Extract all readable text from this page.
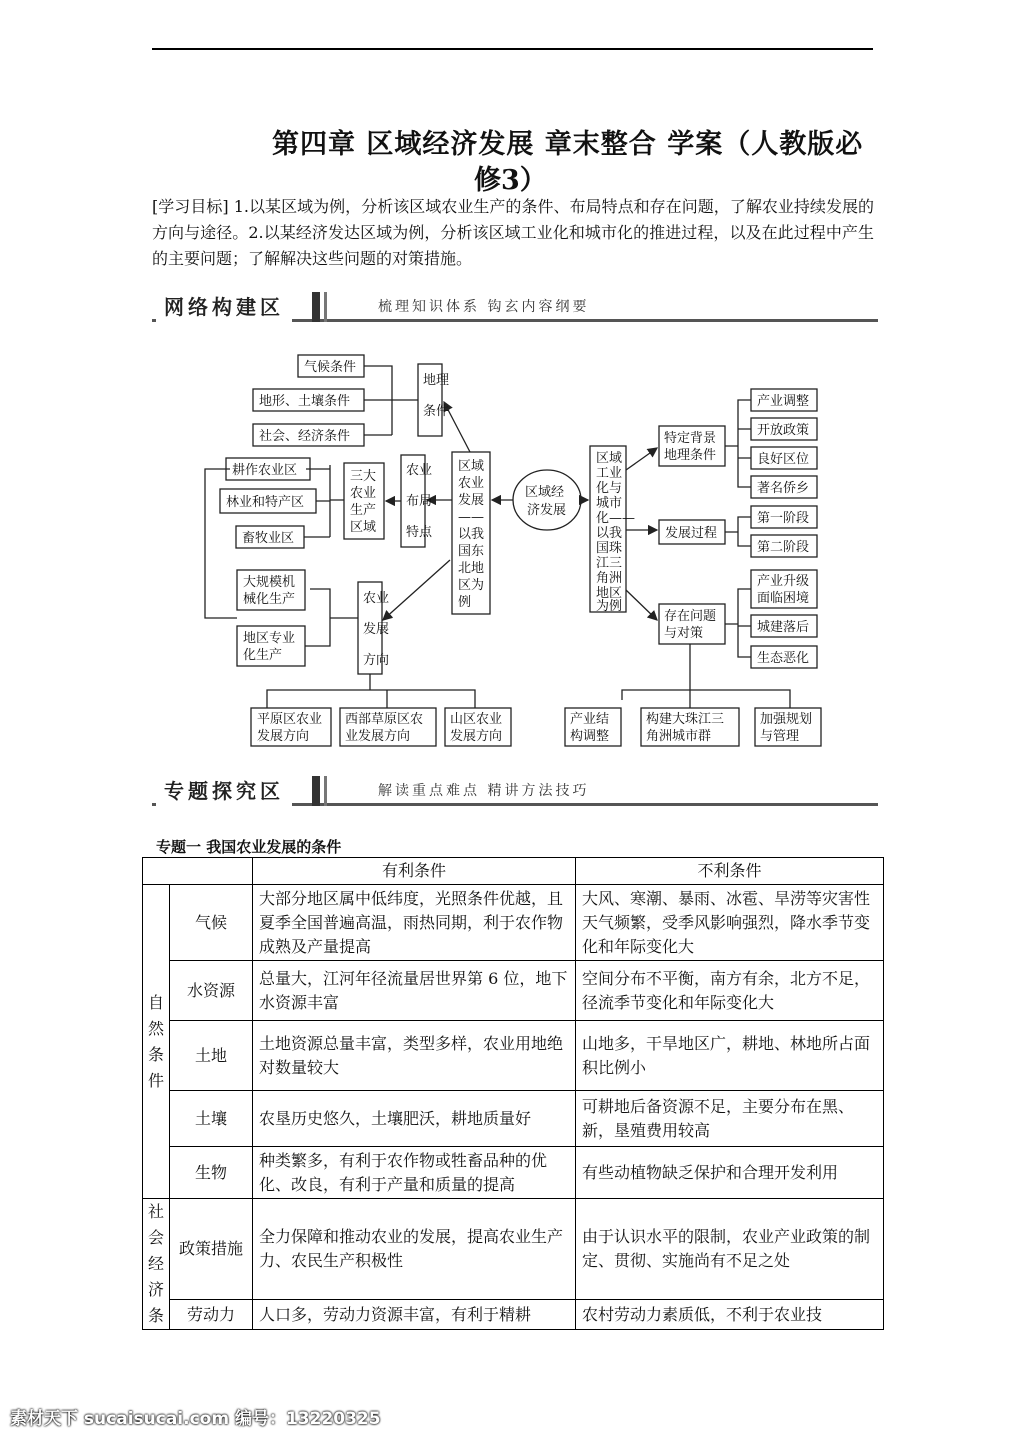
第四章 区域经济发展 章末整合 学案（人教版必
修3）
[学习目标] 1.以某区域为例，分析该区域农业生产的条件、布局特点和存在问题，了解农业持续发展的方向与途径。2.以某经济发达区域为例，分析该区域工业化和城市化的推进过程，以及在此过程中产生的主要问题；了解解决这些问题的对策措施。
网络构建区	梳理知识体系 钩玄内容纲要
气候条件
地形、土壤条件
社会、经济条件
地理
条件
耕作农业区
林业和特产区
畜牧业区
三大
农业
生产
区域
农业
布局
特点
区域
农业
发展
——
以我
国东
北地
区为
例
区域经
济发展
大规模机
械化生产
地区专业
化生产
农业
发展
方向
平原区农业
发展方向
西部草原区农
业发展方向
山区农业
发展方向
区域
工业
化与
城市
化——
以我
国珠
江三
角洲
地区
为例
特定背景
地理条件
产业调整
开放政策
良好区位
著名侨乡
发展过程
第一阶段
第二阶段
存在问题
与对策
产业升级
面临困境
城建落后
生态恶化
产业结
构调整
构建大珠江三
角洲城市群
加强规划
与管理
专题探究区	解读重点难点 精讲方法技巧
专题一 我国农业发展的条件
		有利条件	不利条件
自然条件	气候	大部分地区属中低纬度，光照条件优越，且夏季全国普遍高温，雨热同期，利于农作物成熟及产量提高	大风、寒潮、暴雨、冰雹、旱涝等灾害性天气频繁，受季风影响强烈，降水季节变化和年际变化大
	水资源	总量大，江河年径流量居世界第 6 位，地下水资源丰富	空间分布不平衡，南方有余，北方不足，径流季节变化和年际变化大
	土地	土地资源总量丰富，类型多样，农业用地绝对数量较大	山地多，干旱地区广，耕地、林地所占面积比例小
	土壤	农垦历史悠久，土壤肥沃，耕地质量好	可耕地后备资源不足，主要分布在黑、新，垦殖费用较高
	生物	种类繁多，有利于农作物或牲畜品种的优化、改良，有利于产量和质量的提高	有些动植物缺乏保护和合理开发利用
社会经济条	政策措施	全力保障和推动农业的发展，提高农业生产力、农民生产积极性	由于认识水平的限制，农业产业政策的制定、贯彻、实施尚有不足之处
	劳动力	人口多，劳动力资源丰富，有利于精耕	农村劳动力素质低，不利于农业技
素材天下 sucaisucai.com 编号：13220325
